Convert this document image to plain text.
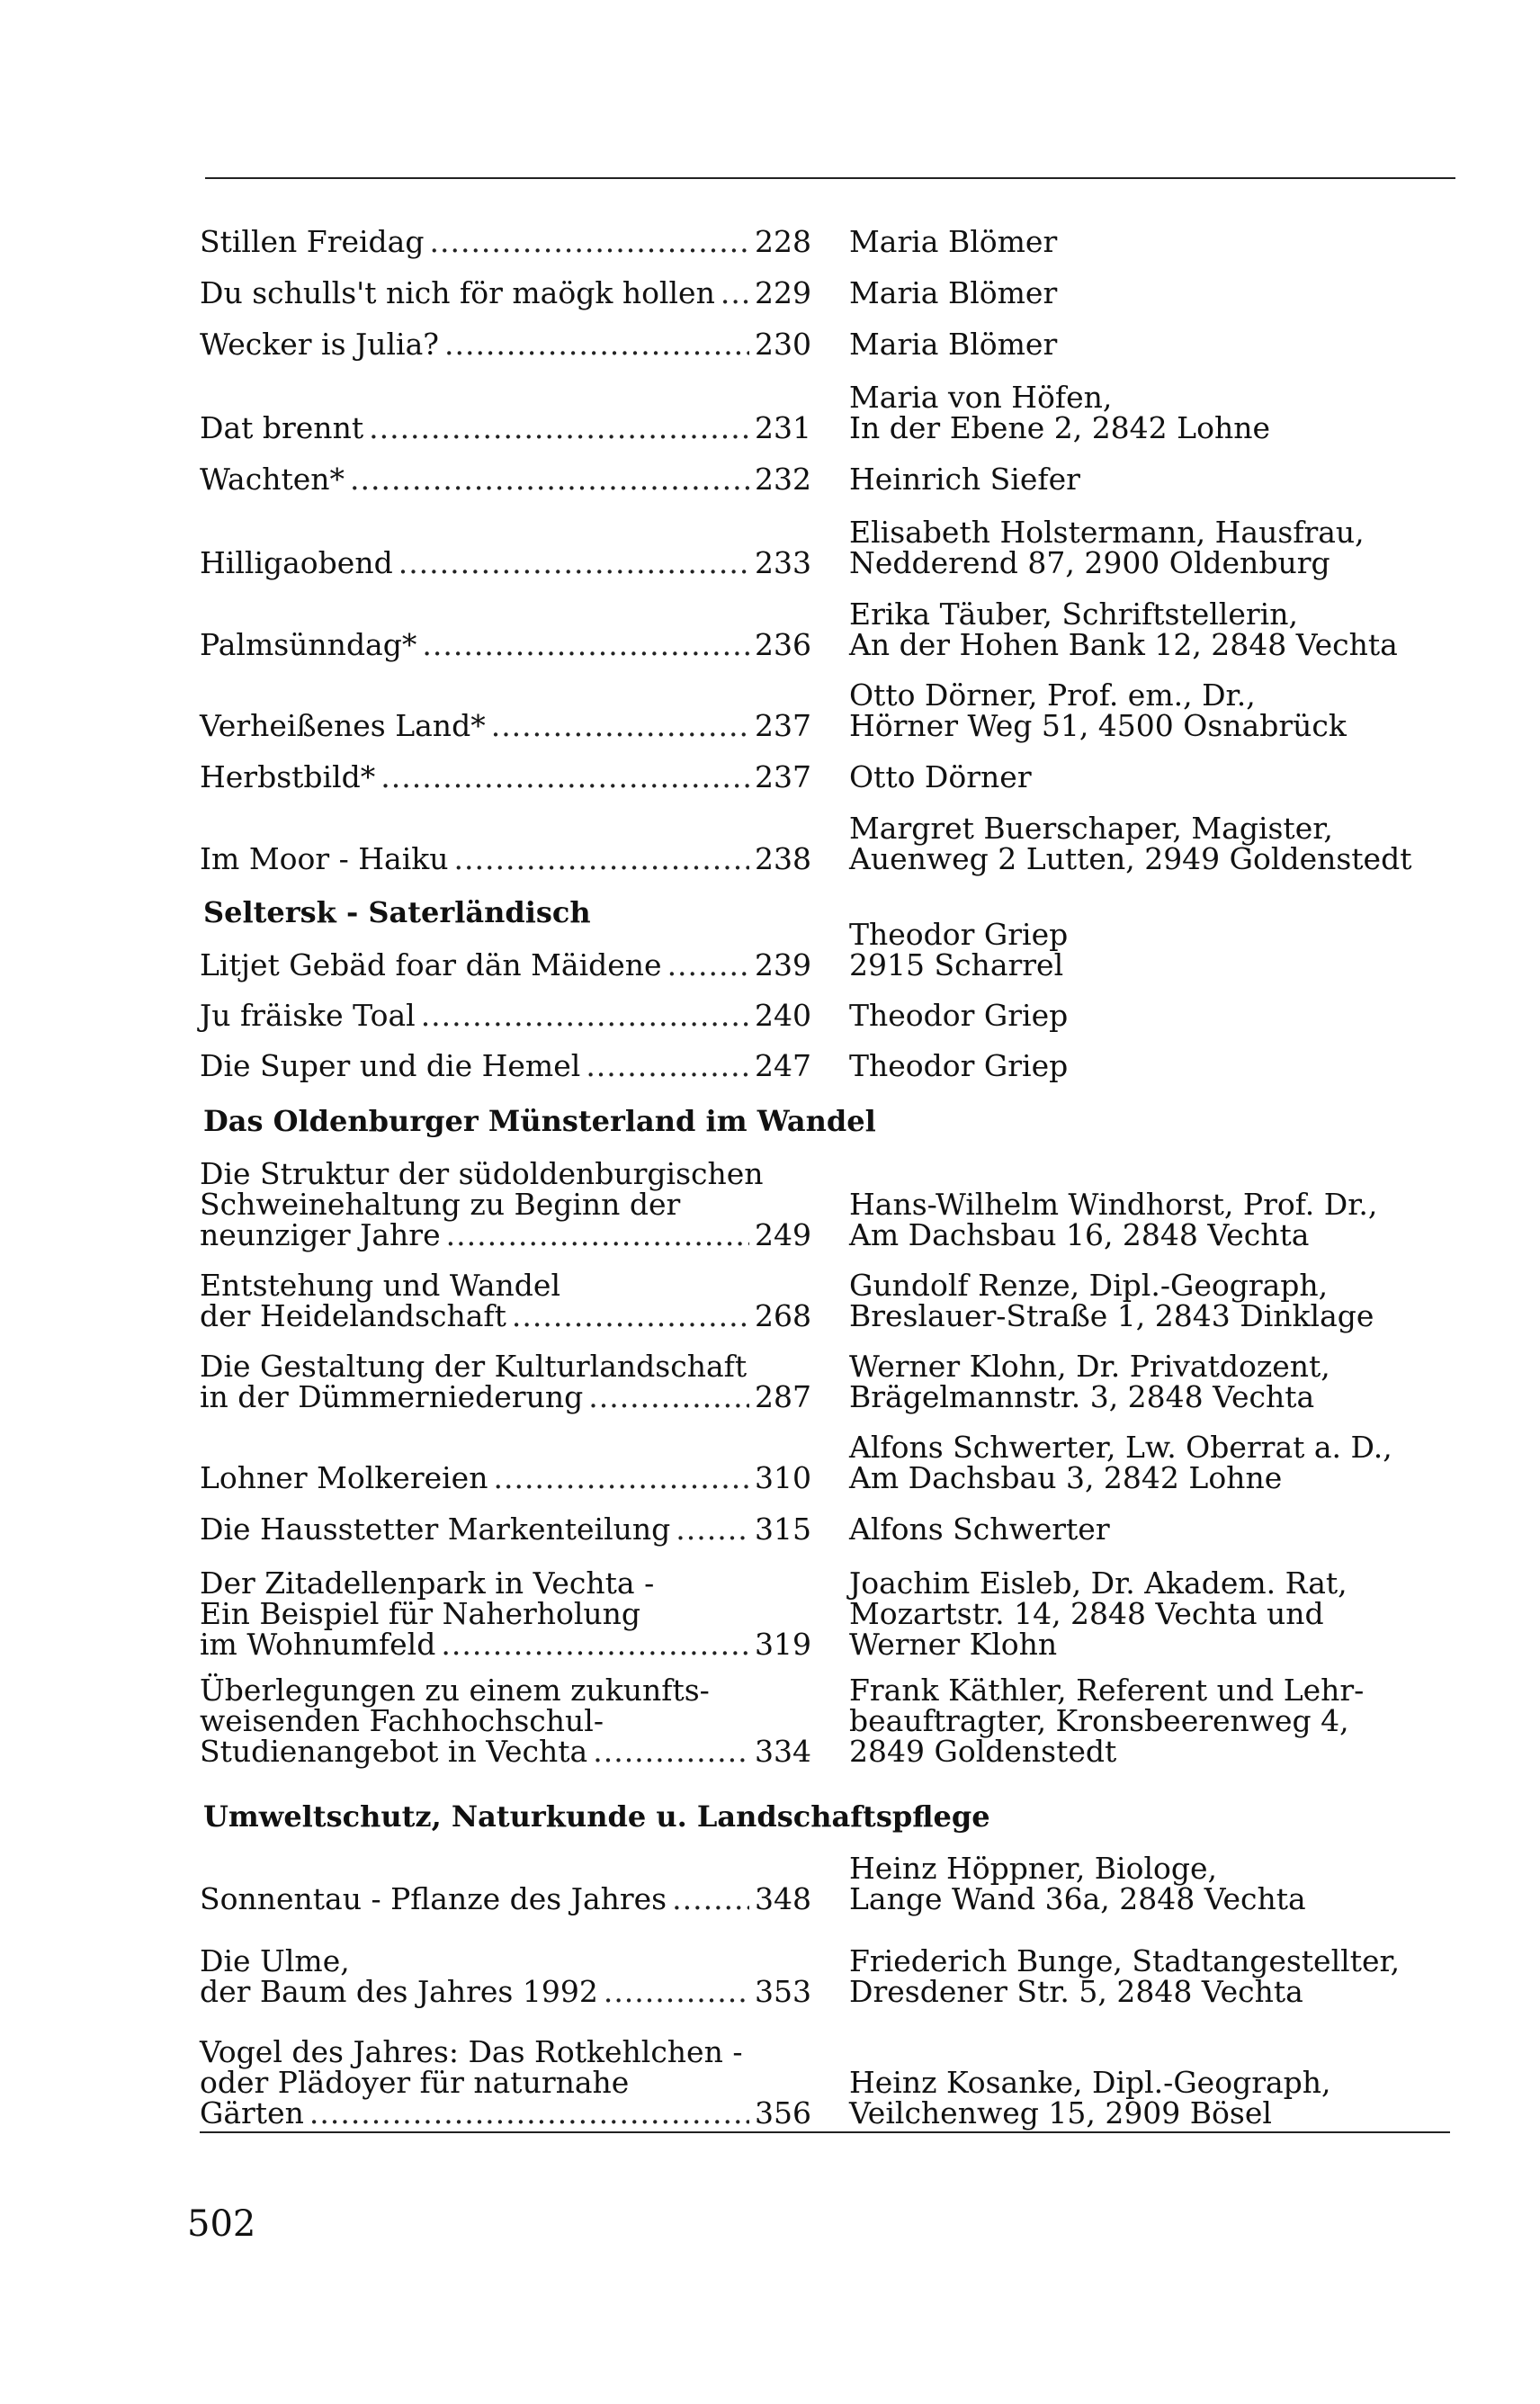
Seltersk - Saterländisch
Das Oldenburger Münsterland im Wandel
Umweltschutz, Naturkunde u. Landschaftspflege
Stillen Freidag .....	228 Maria Blömer
Du schulls't nich för maögk hollen ..... 229 Maria Blömer
Wecker is Julia? .....	230 Maria Blömer
Dat brennt .....	231
Maria von Höfen,
In der Ebene 2, 2842 Lohne
Wachten* .....	232 Heinrich Siefer
Hilligaobend .....	233
Elisabeth Holstermann, Hausfrau,
Nedderend 87, 2900 Oldenburg
Palmsünndag* .....	236
Erika Täuber, Schriftstellerin,
An der Hohen Bank 12, 2848 Vechta
Verheißenes Land* .....	237
Otto Dörner, Prof. em., Dr.,
Hörner Weg 51, 4500 Osnabrück
Herbstbild* .....	237 Otto Dörner
Im Moor - Haiku .....	238
Margret Buerschaper, Magister,
Auenweg 2 Lutten, 2949 Goldenstedt
Litjet Gebäd foar dän Mäidene .....	239
Theodor Griep
2915 Scharrel
Ju fräiske Toal .....	240 Theodor Griep
Die Super und die Hemel .....	247 Theodor Griep
Die Struktur der südoldenburgischen
Schweinehaltung zu Beginn der
neunziger Jahre .....	249
Hans-Wilhelm Windhorst, Prof. Dr.,
Am Dachsbau 16, 2848 Vechta
Entstehung und Wandel
der Heidelandschaft .....	268
Gundolf Renze, Dipl.-Geograph,
Breslauer-Straße 1, 2843 Dinklage
Die Gestaltung der Kulturlandschaft
in der Dümmerniederung .....	287
Werner Klohn, Dr. Privatdozent,
Brägelmannstr. 3, 2848 Vechta
Lohner Molkereien .....	310
Alfons Schwerter, Lw. Oberrat a. D.,
Am Dachsbau 3, 2842 Lohne
Die Hausstetter Markenteilung .....	315 Alfons Schwerter
Der Zitadellenpark in Vechta -
Ein Beispiel für Naherholung
im Wohnumfeld .....	319
Joachim Eisleb, Dr. Akadem. Rat,
Mozartstr. 14, 2848 Vechta und
Werner Klohn
Überlegungen zu einem zukunfts-
weisenden Fachhochschul-
Studienangebot in Vechta .....	334
Frank Käthler, Referent und Lehr-
beauftragter, Kronsbeerenweg 4,
2849 Goldenstedt
Sonnentau - Pflanze des Jahres .....	348
Heinz Höppner, Biologe,
Lange Wand 36a, 2848 Vechta
Die Ulme,
der Baum des Jahres 1992 .....	353
Friederich Bunge, Stadtangestellter,
Dresdener Str. 5, 2848 Vechta
Vogel des Jahres: Das Rotkehlchen -
oder Plädoyer für naturnahe
Gärten .....	356
Heinz Kosanke, Dipl.-Geograph,
Veilchenweg 15, 2909 Bösel
502
